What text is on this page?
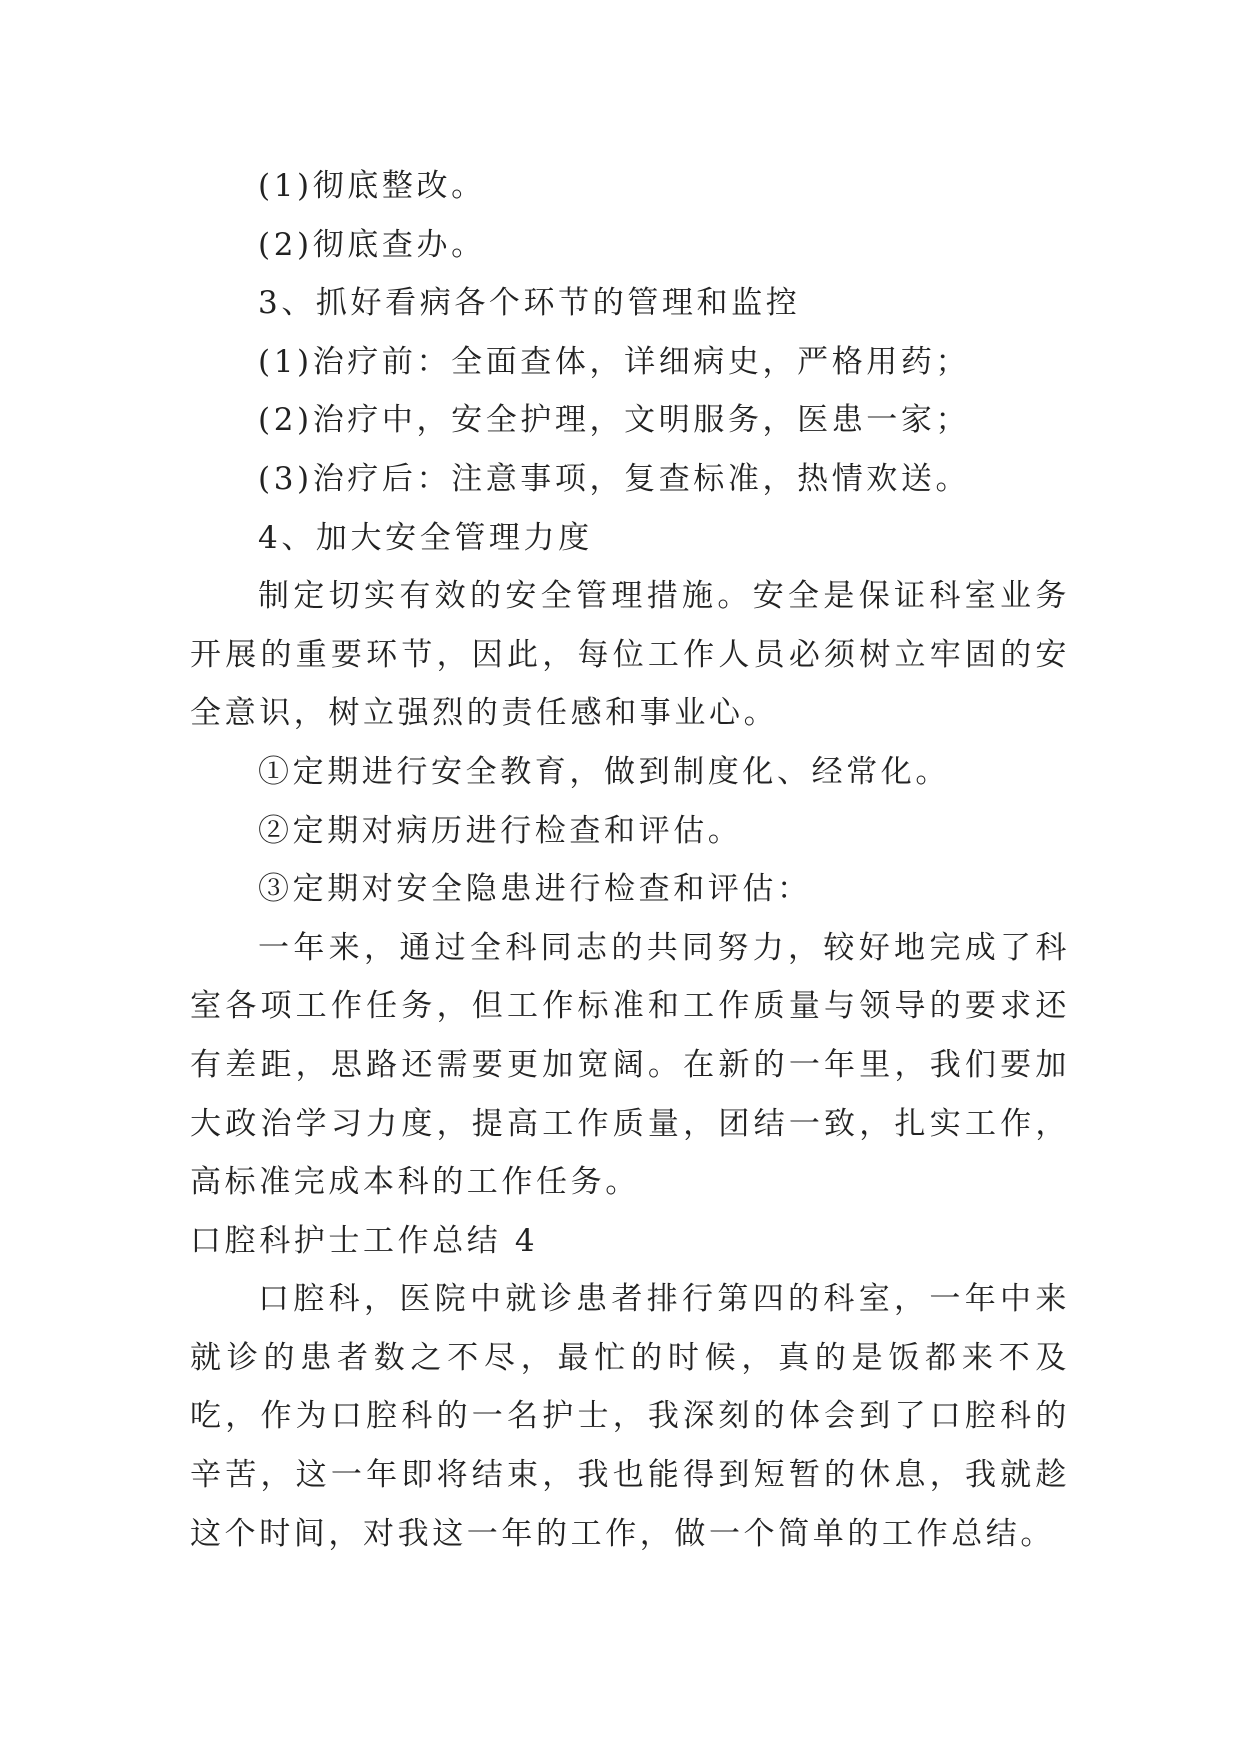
(1)彻底整改。

(2)彻底查办。

3、抓好看病各个环节的管理和监控

(1)治疗前：全面查体，详细病史，严格用药；

(2)治疗中，安全护理，文明服务，医患一家；

(3)治疗后：注意事项，复查标准，热情欢送。

4、加大安全管理力度

制定切实有效的安全管理措施。安全是保证科室业务开展的重要环节，因此，每位工作人员必须树立牢固的安全意识，树立强烈的责任感和事业心。

①定期进行安全教育，做到制度化、经常化。

②定期对病历进行检查和评估。

③定期对安全隐患进行检查和评估：

一年来，通过全科同志的共同努力，较好地完成了科室各项工作任务，但工作标准和工作质量与领导的要求还有差距，思路还需要更加宽阔。在新的一年里，我们要加大政治学习力度，提高工作质量，团结一致，扎实工作，高标准完成本科的工作任务。

口腔科护士工作总结 4

口腔科，医院中就诊患者排行第四的科室，一年中来就诊的患者数之不尽，最忙的时候，真的是饭都来不及吃，作为口腔科的一名护士，我深刻的体会到了口腔科的辛苦，这一年即将结束，我也能得到短暂的休息，我就趁这个时间，对我这一年的工作，做一个简单的工作总结。
